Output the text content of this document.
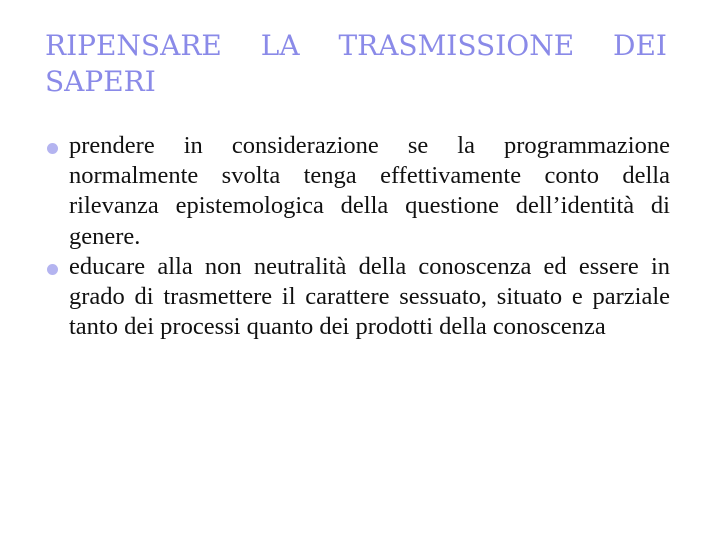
RIPENSARE LA TRASMISSIONE DEI SAPERI
prendere in considerazione se la programmazione normalmente svolta tenga effettivamente conto della rilevanza epistemologica della questione dell’identità di genere.
educare alla non neutralità della conoscenza ed essere in grado di trasmettere il carattere sessuato, situato e parziale tanto dei processi quanto dei prodotti della conoscenza
